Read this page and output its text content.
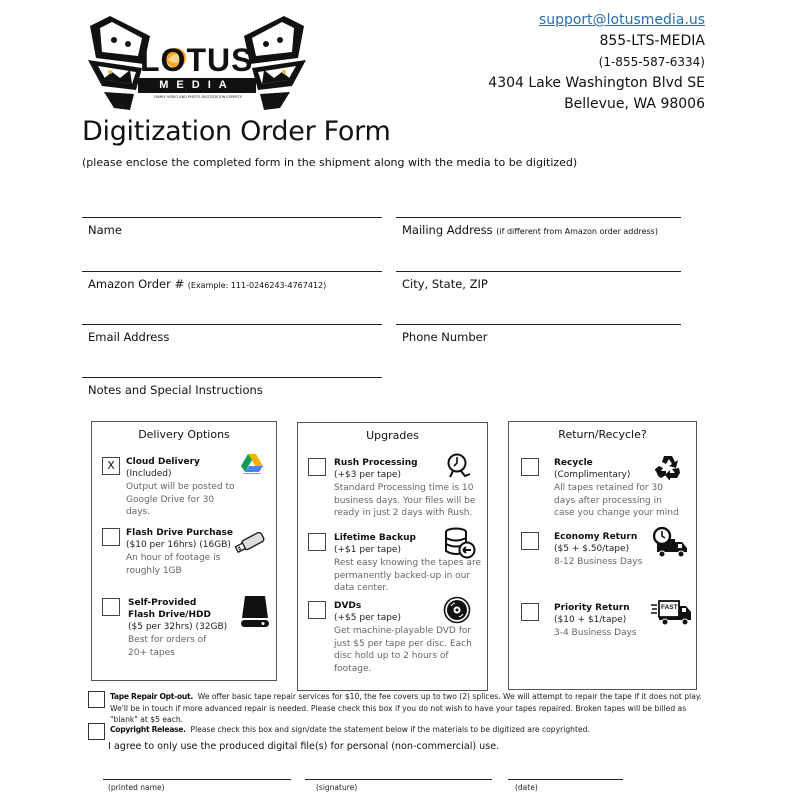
LOTUS
MEDIA
FAMILY VIDEO AND PHOTO DIGITIZATION EXPERTS
support@lotusmedia.us
855-LTS-MEDIA
(1-855-587-6334)
4304 Lake Washington Blvd SE
Bellevue, WA 98006
Digitization Order Form
(please enclose the completed form in the shipment along with the media to be digitized)
Name	Mailing Address (if different from Amazon order address)
Amazon Order # (Example: 111-0246243-4767412)	City, State, ZIP
Email Address	Phone Number
Notes and Special Instructions
Delivery Options
X	Cloud Delivery
(Included)
Output will be posted to Google Drive for 30 days.
Flash Drive Purchase
($10 per 16hrs) (16GB)
An hour of footage is roughly 1GB
Self-Provided
Flash Drive/HDD
($5 per 32hrs) (32GB)
Best for orders of 20+ tapes
Upgrades
Rush Processing
(+$3 per tape)
Standard Processing time is 10 business days. Your files will be ready in just 2 days with Rush.
Lifetime Backup
(+$1 per tape)
Rest easy knowing the tapes are permanently backed-up in our data center.
DVDs
(+$5 per tape)
Get machine-playable DVD for just $5 per tape per disc. Each disc hold up to 2 hours of footage.
Return/Recycle?
Recycle
(Complimentary)
All tapes retained for 30 days after processing in case you change your mind
Economy Return
($5 + $.50/tape)
8-12 Business Days
Priority Return
($10 + $1/tape)
3-4 Business Days
FAST
Tape Repair Opt-out. We offer basic tape repair services for $10, the fee covers up to two (2) splices. We will attempt to repair the tape if it does not play. We'll be in touch if more advanced repair is needed. Please check this box if you do not wish to have your tapes repaired. Broken tapes will be billed as "blank" at $5 each.
Copyright Release. Please check this box and sign/date the statement below if the materials to be digitized are copyrighted.
I agree to only use the produced digital file(s) for personal (non-commercial) use.
(printed name)	(signature)	(date)
